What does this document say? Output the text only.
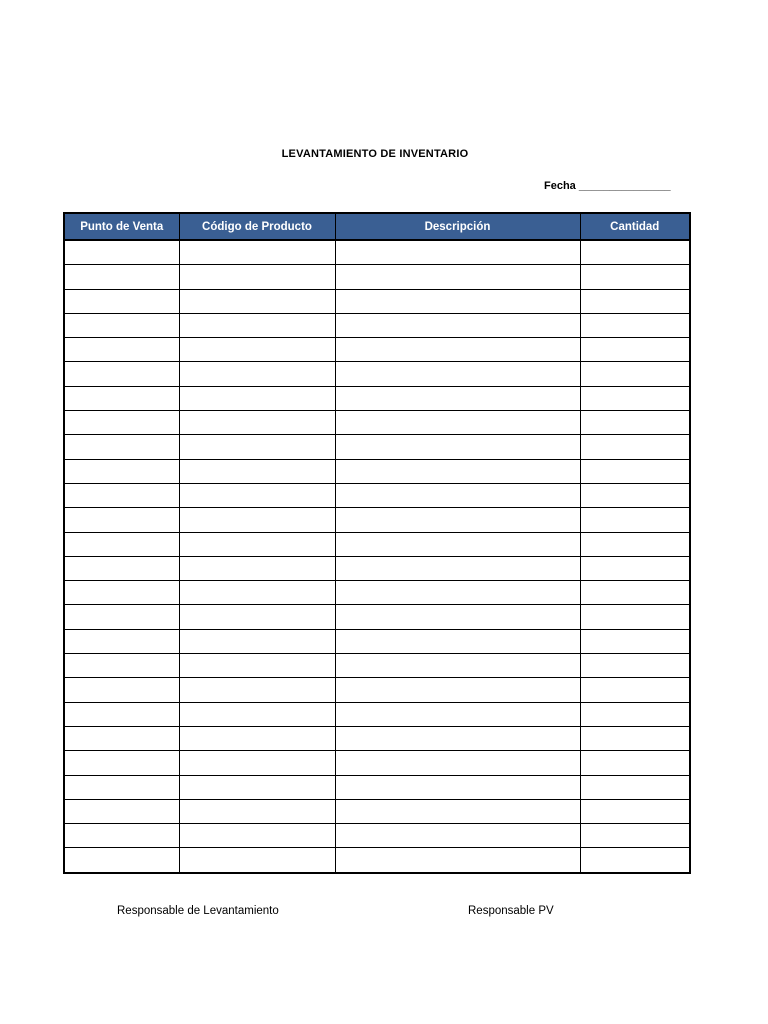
LEVANTAMIENTO DE INVENTARIO
Fecha _______________
Punto de Venta	Código de Producto	Descripción	Cantidad

Responsable de Levantamiento	Responsable PV
